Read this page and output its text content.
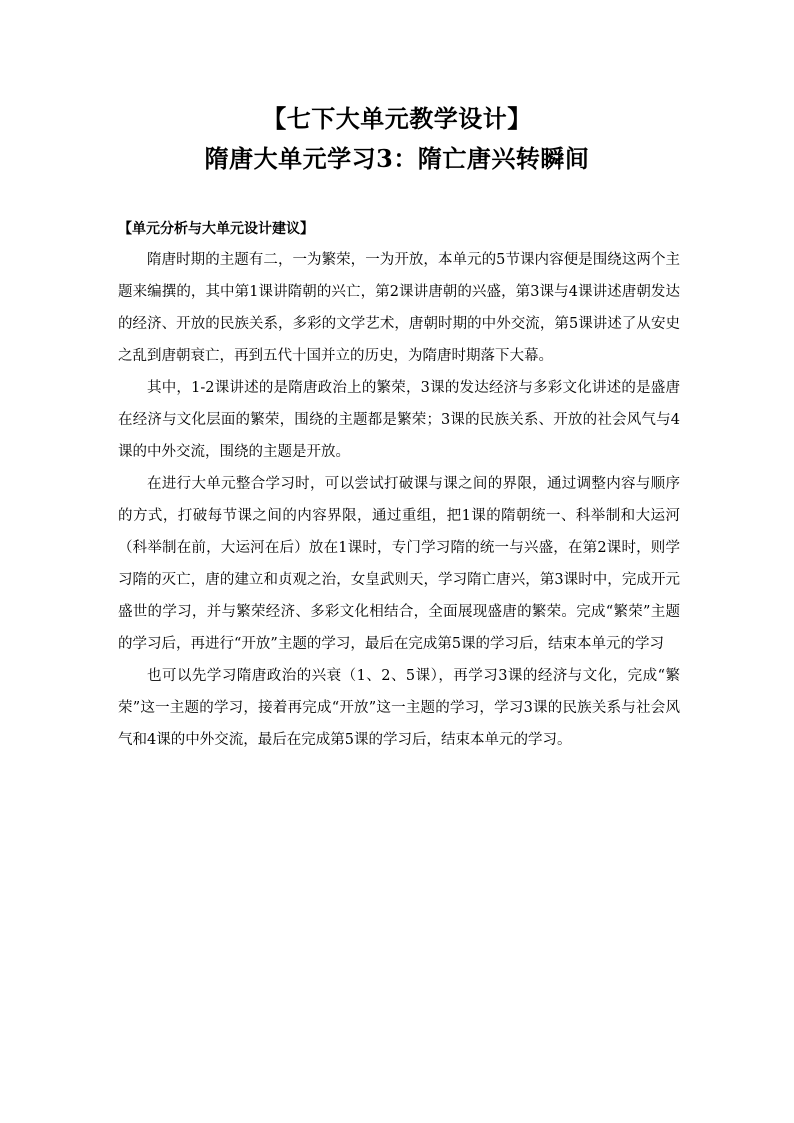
【七下大单元教学设计】
隋唐大单元学习3：隋亡唐兴转瞬间
【单元分析与大单元设计建议】

隋唐时期的主题有二，一为繁荣，一为开放，本单元的5节课内容便是围绕这两个主题来编撰的，其中第1课讲隋朝的兴亡，第2课讲唐朝的兴盛，第3课与4课讲述唐朝发达的经济、开放的民族关系，多彩的文学艺术，唐朝时期的中外交流，第5课讲述了从安史之乱到唐朝衰亡，再到五代十国并立的历史，为隋唐时期落下大幕。

其中，1-2课讲述的是隋唐政治上的繁荣，3课的发达经济与多彩文化讲述的是盛唐在经济与文化层面的繁荣，围绕的主题都是繁荣；3课的民族关系、开放的社会风气与4课的中外交流，围绕的主题是开放。

在进行大单元整合学习时，可以尝试打破课与课之间的界限，通过调整内容与顺序的方式，打破每节课之间的内容界限，通过重组，把1课的隋朝统一、科举制和大运河（科举制在前，大运河在后）放在1课时，专门学习隋的统一与兴盛，在第2课时，则学习隋的灭亡，唐的建立和贞观之治，女皇武则天，学习隋亡唐兴，第3课时中，完成开元盛世的学习，并与繁荣经济、多彩文化相结合，全面展现盛唐的繁荣。完成“繁荣”主题的学习后，再进行“开放”主题的学习，最后在完成第5课的学习后，结束本单元的学习

也可以先学习隋唐政治的兴衰（1、2、5课），再学习3课的经济与文化，完成“繁荣”这一主题的学习，接着再完成“开放”这一主题的学习，学习3课的民族关系与社会风气和4课的中外交流，最后在完成第5课的学习后，结束本单元的学习。
